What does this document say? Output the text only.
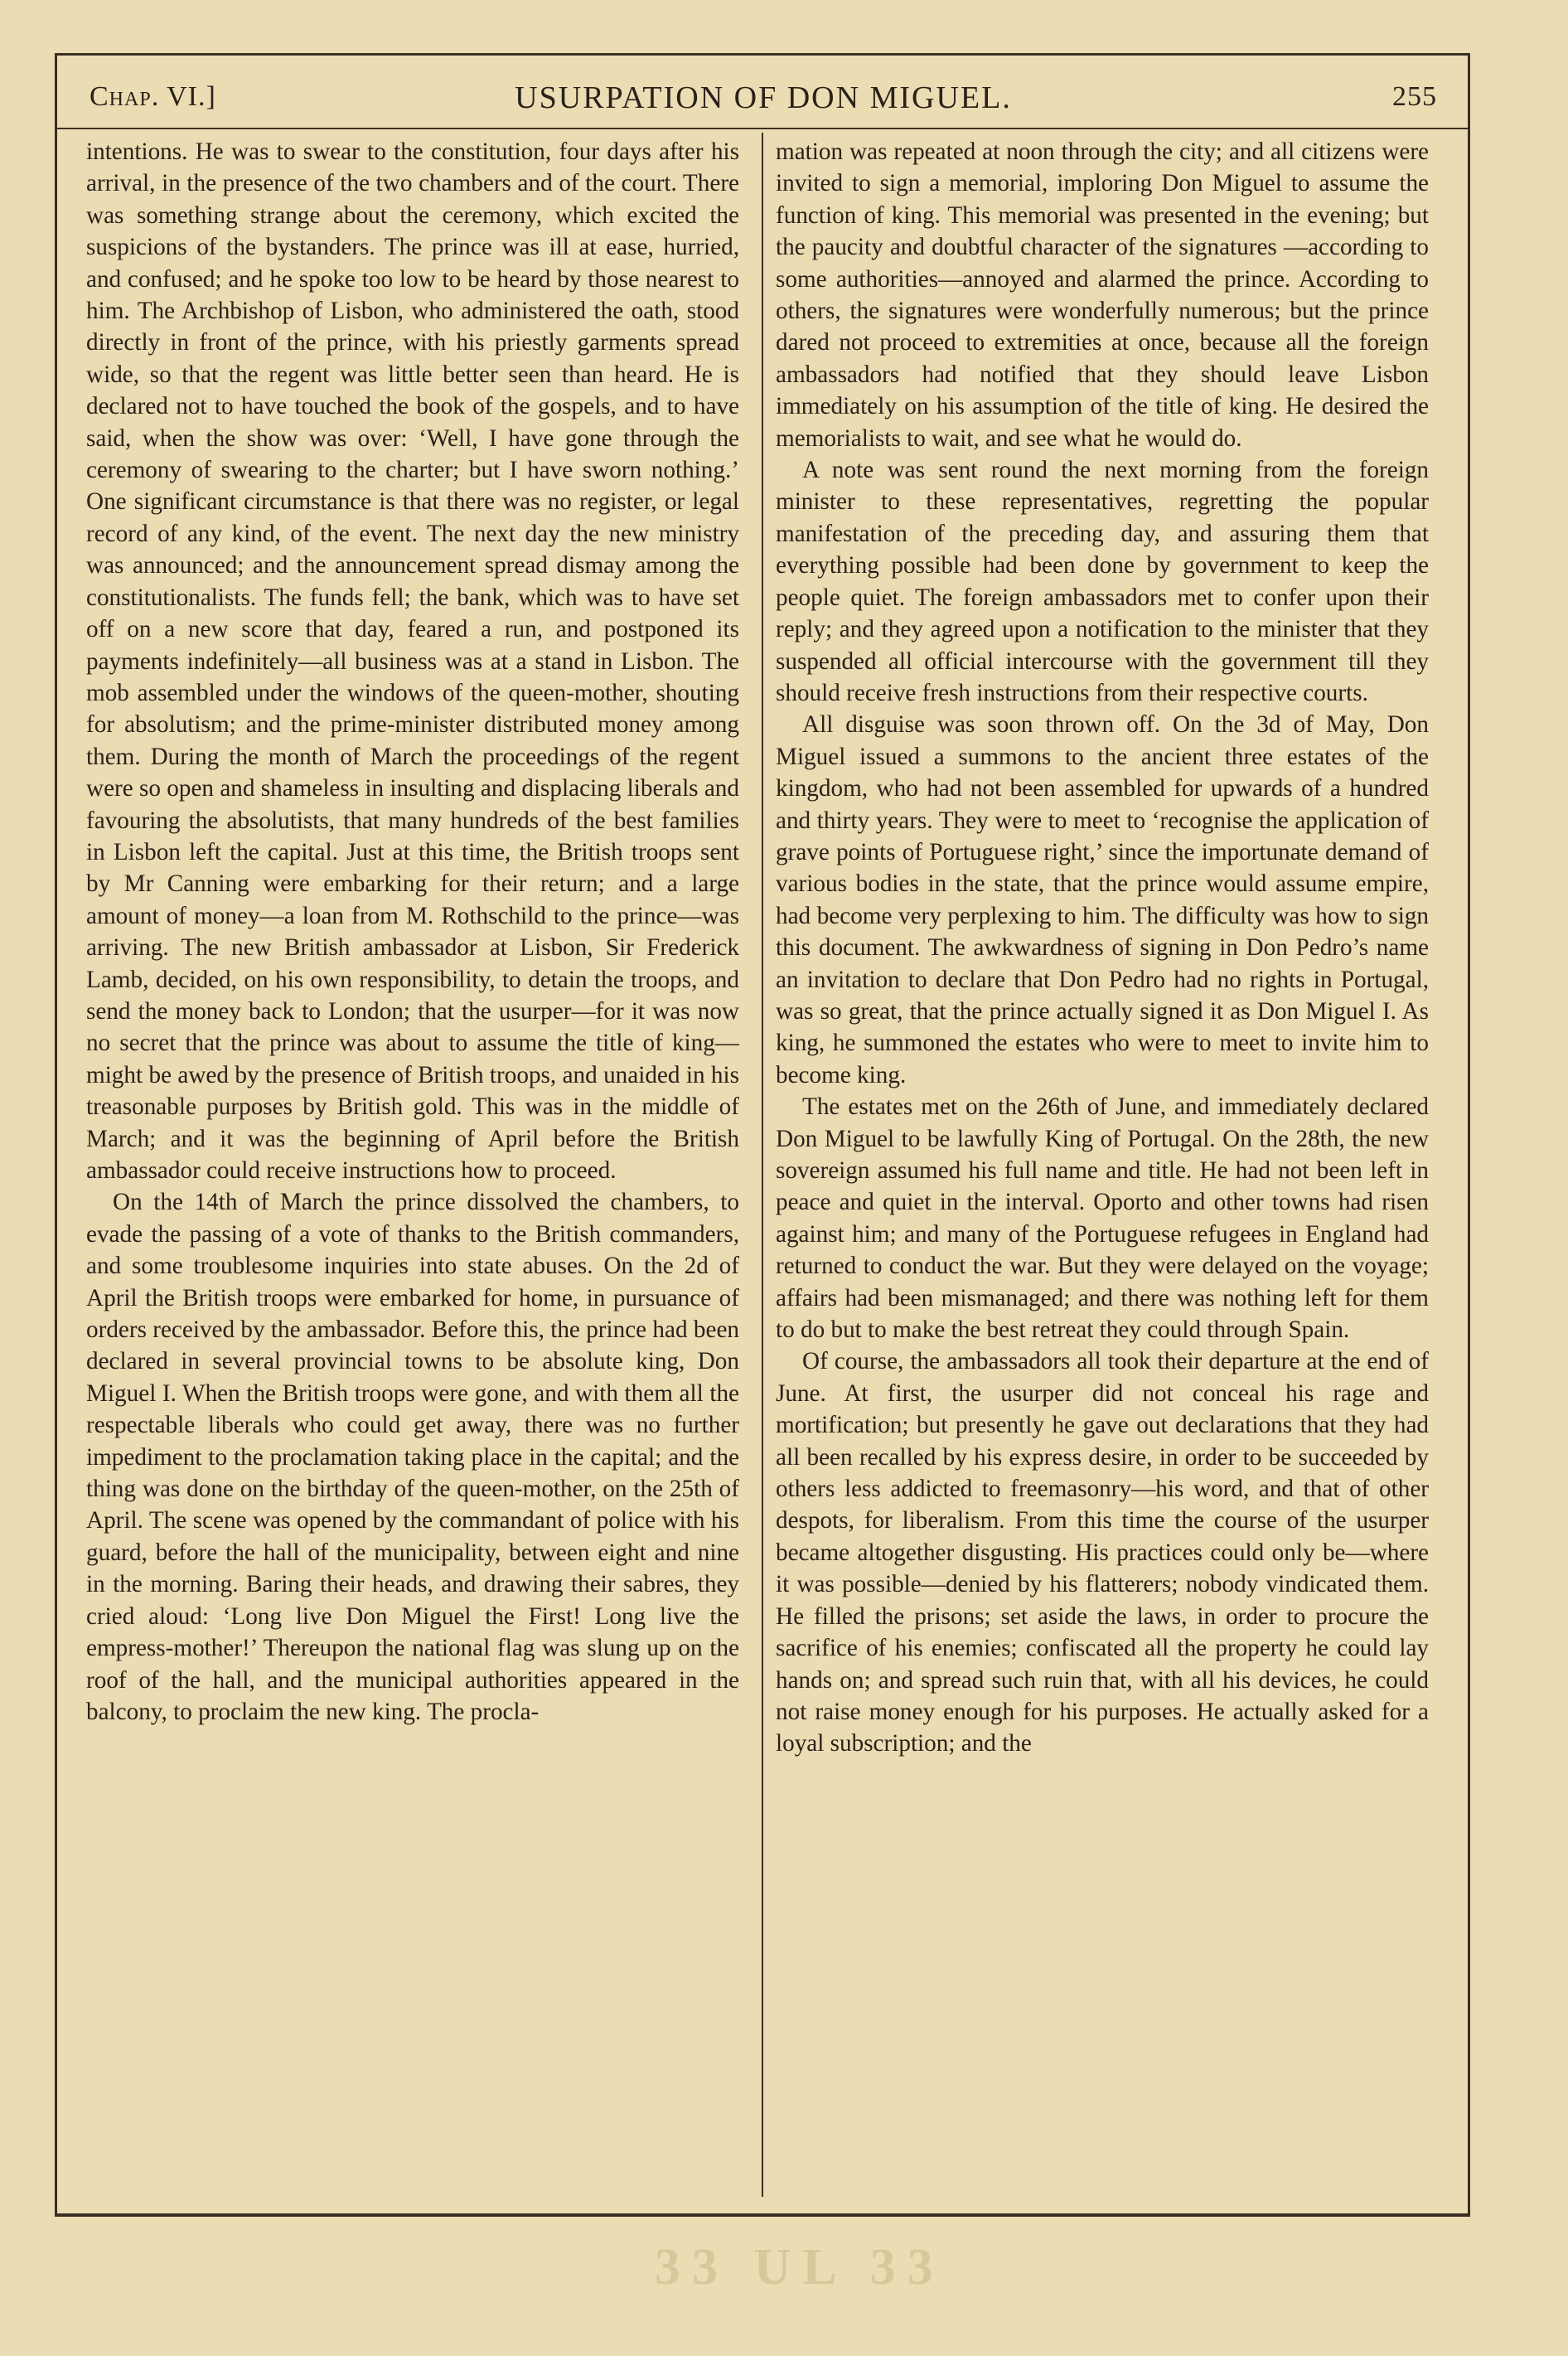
Chap. VI.]	USURPATION OF DON MIGUEL.	255

intentions. He was to swear to the constitution, four days after his arrival, in the presence of the two chambers and of the court. There was something strange about the ceremony, which excited the suspicions of the bystanders. The prince was ill at ease, hurried, and confused; and he spoke too low to be heard by those nearest to him. The Archbishop of Lisbon, who administered the oath, stood directly in front of the prince, with his priestly garments spread wide, so that the regent was little better seen than heard. He is declared not to have touched the book of the gospels, and to have said, when the show was over: ‘Well, I have gone through the ceremony of swearing to the charter; but I have sworn nothing.’ One significant circumstance is that there was no register, or legal record of any kind, of the event. The next day the new ministry was announced; and the announcement spread dismay among the constitutionalists. The funds fell; the bank, which was to have set off on a new score that day, feared a run, and postponed its payments indefinitely—all business was at a stand in Lisbon. The mob assembled under the windows of the queen-mother, shouting for absolutism; and the prime-minister distributed money among them. During the month of March the proceedings of the regent were so open and shameless in insulting and displacing liberals and favouring the absolutists, that many hundreds of the best families in Lisbon left the capital. Just at this time, the British troops sent by Mr Canning were embarking for their return; and a large amount of money—a loan from M. Rothschild to the prince—was arriving. The new British ambassador at Lisbon, Sir Frederick Lamb, decided, on his own responsibility, to detain the troops, and send the money back to London; that the usurper—for it was now no secret that the prince was about to assume the title of king—might be awed by the presence of British troops, and unaided in his treasonable purposes by British gold. This was in the middle of March; and it was the beginning of April before the British ambassador could receive instructions how to proceed.

On the 14th of March the prince dissolved the chambers, to evade the passing of a vote of thanks to the British commanders, and some troublesome inquiries into state abuses. On the 2d of April the British troops were embarked for home, in pursuance of orders received by the ambassador. Before this, the prince had been declared in several provincial towns to be absolute king, Don Miguel I. When the British troops were gone, and with them all the respectable liberals who could get away, there was no further impediment to the proclamation taking place in the capital; and the thing was done on the birthday of the queen-mother, on the 25th of April. The scene was opened by the commandant of police with his guard, before the hall of the municipality, between eight and nine in the morning. Baring their heads, and drawing their sabres, they cried aloud: ‘Long live Don Miguel the First! Long live the empress-mother!’ Thereupon the national flag was slung up on the roof of the hall, and the municipal authorities appeared in the balcony, to proclaim the new king. The procla-

mation was repeated at noon through the city; and all citizens were invited to sign a memorial, imploring Don Miguel to assume the function of king. This memorial was presented in the evening; but the paucity and doubtful character of the signatures —according to some authorities—annoyed and alarmed the prince. According to others, the signatures were wonderfully numerous; but the prince dared not proceed to extremities at once, because all the foreign ambassadors had notified that they should leave Lisbon immediately on his assumption of the title of king. He desired the memorialists to wait, and see what he would do.

A note was sent round the next morning from the foreign minister to these representatives, regretting the popular manifestation of the preceding day, and assuring them that everything possible had been done by government to keep the people quiet. The foreign ambassadors met to confer upon their reply; and they agreed upon a notification to the minister that they suspended all official intercourse with the government till they should receive fresh instructions from their respective courts.

All disguise was soon thrown off. On the 3d of May, Don Miguel issued a summons to the ancient three estates of the kingdom, who had not been assembled for upwards of a hundred and thirty years. They were to meet to ‘recognise the application of grave points of Portuguese right,’ since the importunate demand of various bodies in the state, that the prince would assume empire, had become very perplexing to him. The difficulty was how to sign this document. The awkwardness of signing in Don Pedro’s name an invitation to declare that Don Pedro had no rights in Portugal, was so great, that the prince actually signed it as Don Miguel I. As king, he summoned the estates who were to meet to invite him to become king.

The estates met on the 26th of June, and immediately declared Don Miguel to be lawfully King of Portugal. On the 28th, the new sovereign assumed his full name and title. He had not been left in peace and quiet in the interval. Oporto and other towns had risen against him; and many of the Portuguese refugees in England had returned to conduct the war. But they were delayed on the voyage; affairs had been mismanaged; and there was nothing left for them to do but to make the best retreat they could through Spain.

Of course, the ambassadors all took their departure at the end of June. At first, the usurper did not conceal his rage and mortification; but presently he gave out declarations that they had all been recalled by his express desire, in order to be succeeded by others less addicted to freemasonry—his word, and that of other despots, for liberalism. From this time the course of the usurper became altogether disgusting. His practices could only be—where it was possible—denied by his flatterers; nobody vindicated them. He filled the prisons; set aside the laws, in order to procure the sacrifice of his enemies; confiscated all the property he could lay hands on; and spread such ruin that, with all his devices, he could not raise money enough for his purposes. He actually asked for a loyal subscription; and the

33 UL 33
